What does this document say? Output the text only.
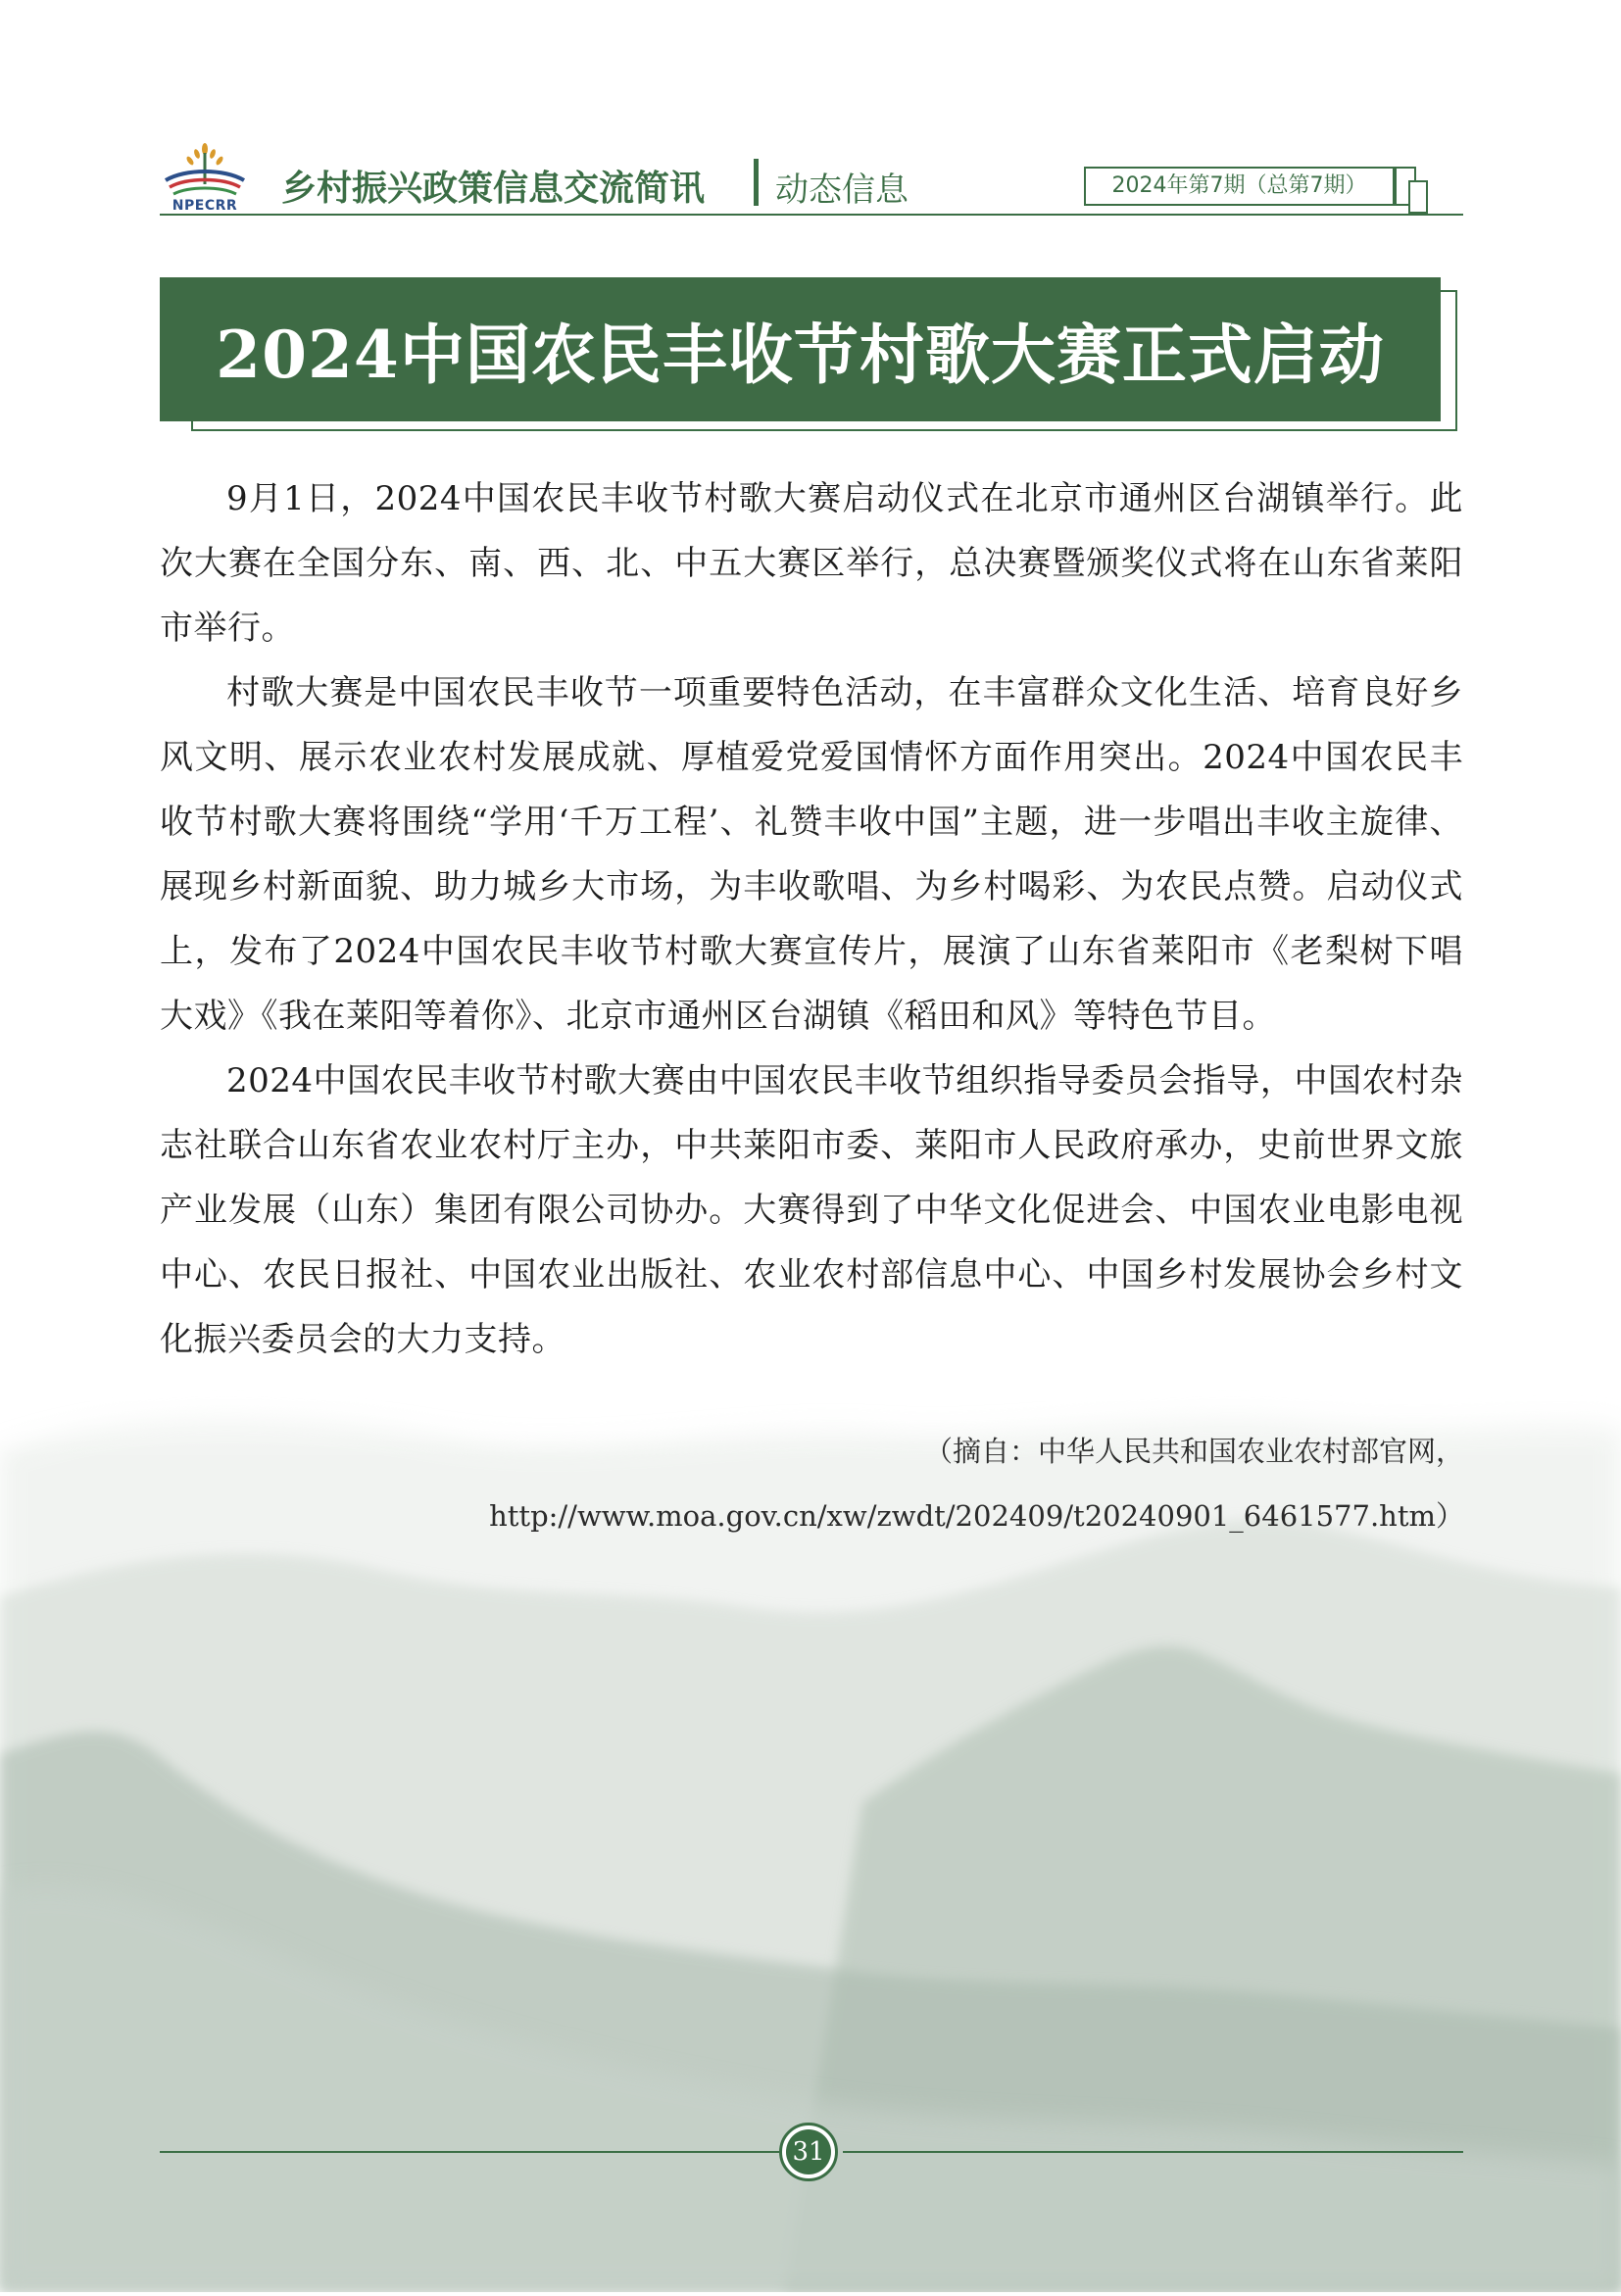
NPECRR	乡村振兴政策信息交流简讯 动态信息	2024年第7期（总第7期）
2024中国农民丰收节村歌大赛正式启动

9月1日，2024中国农民丰收节村歌大赛启动仪式在北京市通州区台湖镇举行。此次大赛在全国分东、南、西、北、中五大赛区举行，总决赛暨颁奖仪式将在山东省莱阳市举行。

村歌大赛是中国农民丰收节一项重要特色活动，在丰富群众文化生活、培育良好乡风文明、展示农业农村发展成就、厚植爱党爱国情怀方面作用突出。2024中国农民丰收节村歌大赛将围绕“学用‘千万工程’、礼赞丰收中国”主题，进一步唱出丰收主旋律、展现乡村新面貌、助力城乡大市场，为丰收歌唱、为乡村喝彩、为农民点赞。启动仪式上，发布了2024中国农民丰收节村歌大赛宣传片，展演了山东省莱阳市《老梨树下唱大戏》《我在莱阳等着你》、北京市通州区台湖镇《稻田和风》等特色节目。

2024中国农民丰收节村歌大赛由中国农民丰收节组织指导委员会指导，中国农村杂志社联合山东省农业农村厅主办，中共莱阳市委、莱阳市人民政府承办，史前世界文旅产业发展（山东）集团有限公司协办。大赛得到了中华文化促进会、中国农业电影电视中心、农民日报社、中国农业出版社、农业农村部信息中心、中国乡村发展协会乡村文化振兴委员会的大力支持。

（摘自：中华人民共和国农业农村部官网，
http://www.moa.gov.cn/xw/zwdt/202409/t20240901_6461577.htm）
31
